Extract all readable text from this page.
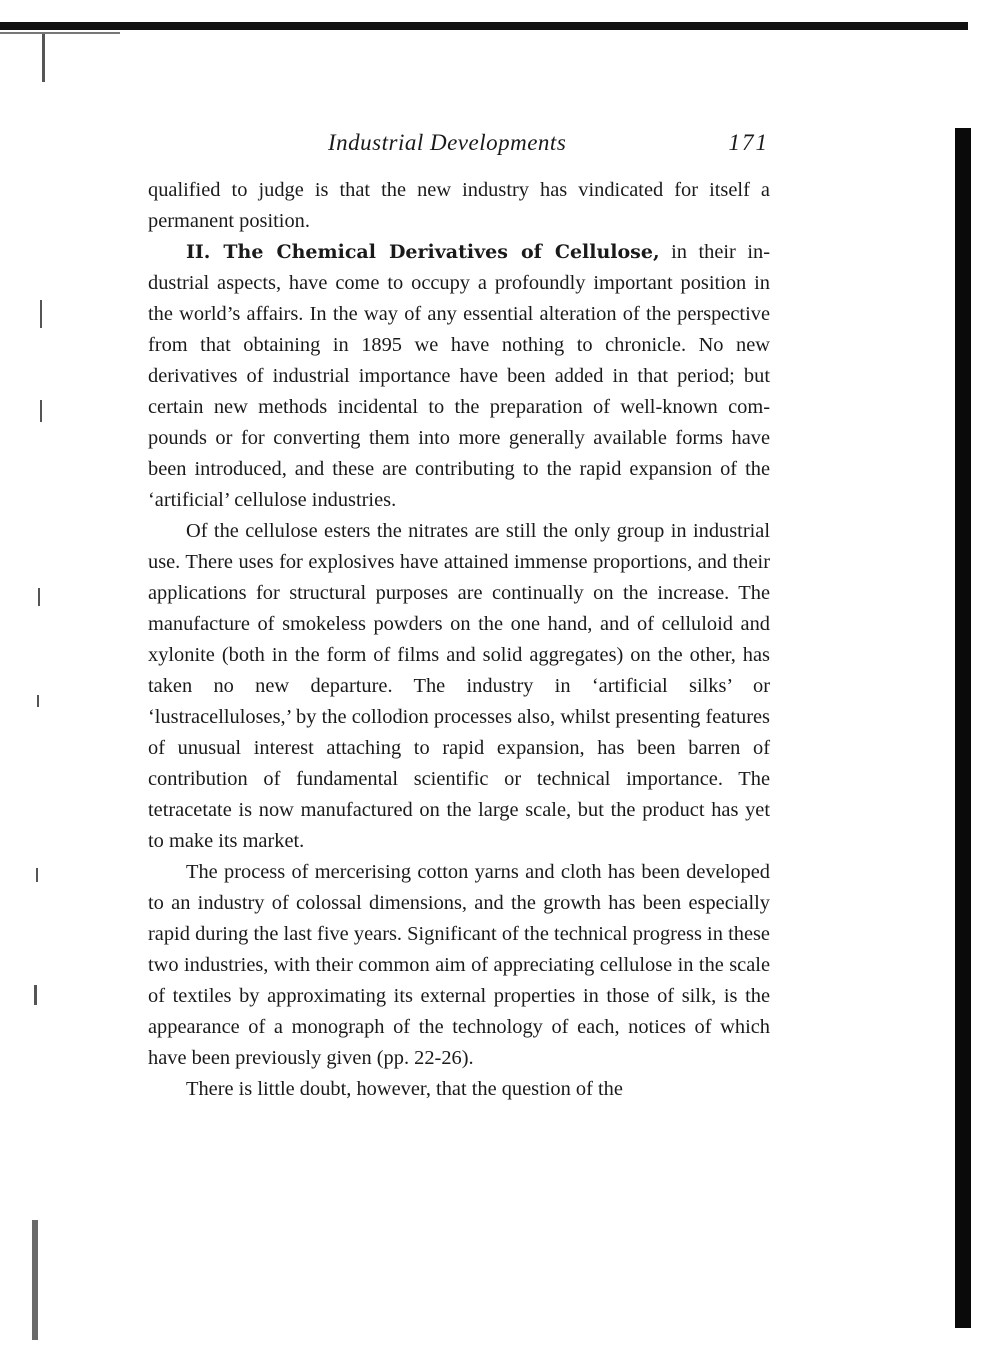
Industrial Developments	171

qualified to judge is that the new industry has vindicated for itself a permanent position.

II. The Chemical Derivatives of Cellulose, in their industrial aspects, have come to occupy a profoundly important position in the world’s affairs. In the way of any essential alteration of the perspective from that obtaining in 1895 we have nothing to chronicle. No new derivatives of industrial importance have been added in that period; but certain new methods incidental to the preparation of well-known compounds or for converting them into more generally available forms have been introduced, and these are contributing to the rapid expansion of the ‘artificial’ cellulose industries.

Of the cellulose esters the nitrates are still the only group in industrial use. There uses for explosives have attained immense proportions, and their applications for structural purposes are continually on the increase. The manufacture of smokeless powders on the one hand, and of celluloid and xylonite (both in the form of films and solid aggregates) on the other, has taken no new departure. The industry in ‘artificial silks’ or ‘lustracelluloses,’ by the collodion processes also, whilst presenting features of unusual interest attaching to rapid expansion, has been barren of contribution of fundamental scientific or technical importance. The tetracetate is now manufactured on the large scale, but the product has yet to make its market.

The process of mercerising cotton yarns and cloth has been developed to an industry of colossal dimensions, and the growth has been especially rapid during the last five years. Significant of the technical progress in these two industries, with their common aim of appreciating cellulose in the scale of textiles by approximating its external properties in those of silk, is the appearance of a monograph of the technology of each, notices of which have been previously given (pp. 22-26).

There is little doubt, however, that the question of the
